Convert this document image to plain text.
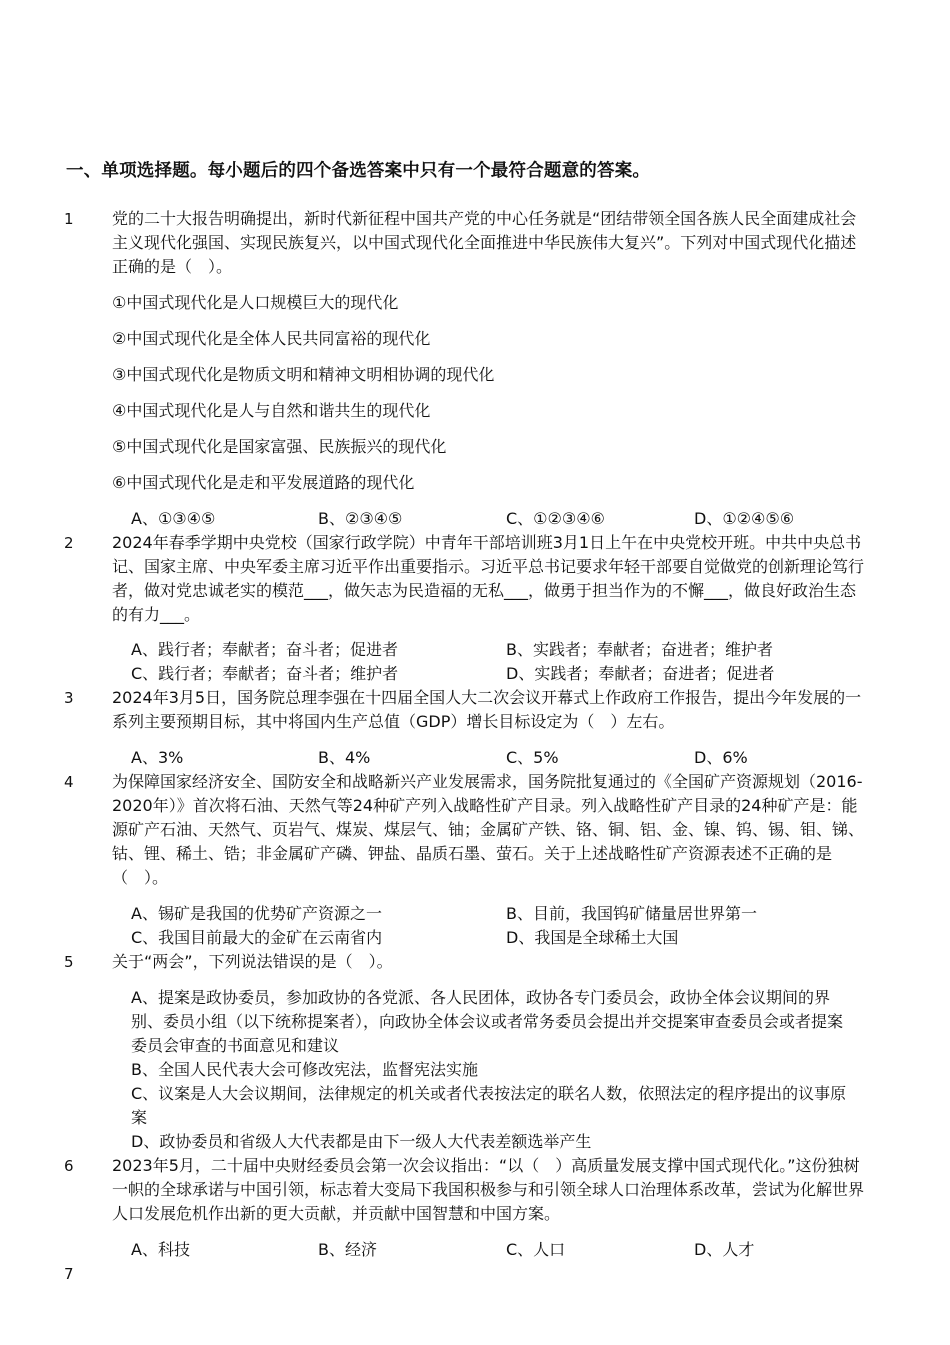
一、单项选择题。每小题后的四个备选答案中只有一个最符合题意的答案。
1 党的二十大报告明确提出，新时代新征程中国共产党的中心任务就是“团结带领全国各族人民全面建成社会主义现代化强国、实现民族复兴，以中国式现代化全面推进中华民族伟大复兴”。下列对中国式现代化描述正确的是（　）。
①中国式现代化是人口规模巨大的现代化
②中国式现代化是全体人民共同富裕的现代化
③中国式现代化是物质文明和精神文明相协调的现代化
④中国式现代化是人与自然和谐共生的现代化
⑤中国式现代化是国家富强、民族振兴的现代化
⑥中国式现代化是走和平发展道路的现代化
A、①③④⑤	B、②③④⑤	C、①②③④⑥	D、①②④⑤⑥
2 2024年春季学期中央党校（国家行政学院）中青年干部培训班3月1日上午在中央党校开班。中共中央总书记、国家主席、中央军委主席习近平作出重要指示。习近平总书记要求年轻干部要自觉做党的创新理论笃行者，做对党忠诚老实的模范___，做矢志为民造福的无私___，做勇于担当作为的不懈___，做良好政治生态的有力___。
A、践行者；奉献者；奋斗者；促进者	B、实践者；奉献者；奋进者；维护者
C、践行者；奉献者；奋斗者；维护者	D、实践者；奉献者；奋进者；促进者
3 2024年3月5日，国务院总理李强在十四届全国人大二次会议开幕式上作政府工作报告，提出今年发展的一系列主要预期目标，其中将国内生产总值（GDP）增长目标设定为（　）左右。
A、3%	B、4%	C、5%	D、6%
4 为保障国家经济安全、国防安全和战略新兴产业发展需求，国务院批复通过的《全国矿产资源规划（2016-2020年）》首次将石油、天然气等24种矿产列入战略性矿产目录。列入战略性矿产目录的24种矿产是：能源矿产石油、天然气、页岩气、煤炭、煤层气、铀；金属矿产铁、铬、铜、铝、金、镍、钨、锡、钼、锑、钴、锂、稀土、锆；非金属矿产磷、钾盐、晶质石墨、萤石。关于上述战略性矿产资源表述不正确的是（　）。
A、锡矿是我国的优势矿产资源之一	B、目前，我国钨矿储量居世界第一
C、我国目前最大的金矿在云南省内	D、我国是全球稀土大国
5 关于“两会”，下列说法错误的是（　）。
A、提案是政协委员，参加政协的各党派、各人民团体，政协各专门委员会，政协全体会议期间的界别、委员小组（以下统称提案者），向政协全体会议或者常务委员会提出并交提案审查委员会或者提案委员会审查的书面意见和建议
B、全国人民代表大会可修改宪法，监督宪法实施
C、议案是人大会议期间，法律规定的机关或者代表按法定的联名人数，依照法定的程序提出的议事原案
D、政协委员和省级人大代表都是由下一级人大代表差额选举产生
6 2023年5月，二十届中央财经委员会第一次会议指出：“以（　）高质量发展支撑中国式现代化。”这份独树一帜的全球承诺与中国引领，标志着大变局下我国积极参与和引领全球人口治理体系改革，尝试为化解世界人口发展危机作出新的更大贡献，并贡献中国智慧和中国方案。
A、科技	B、经济	C、人口	D、人才
7
